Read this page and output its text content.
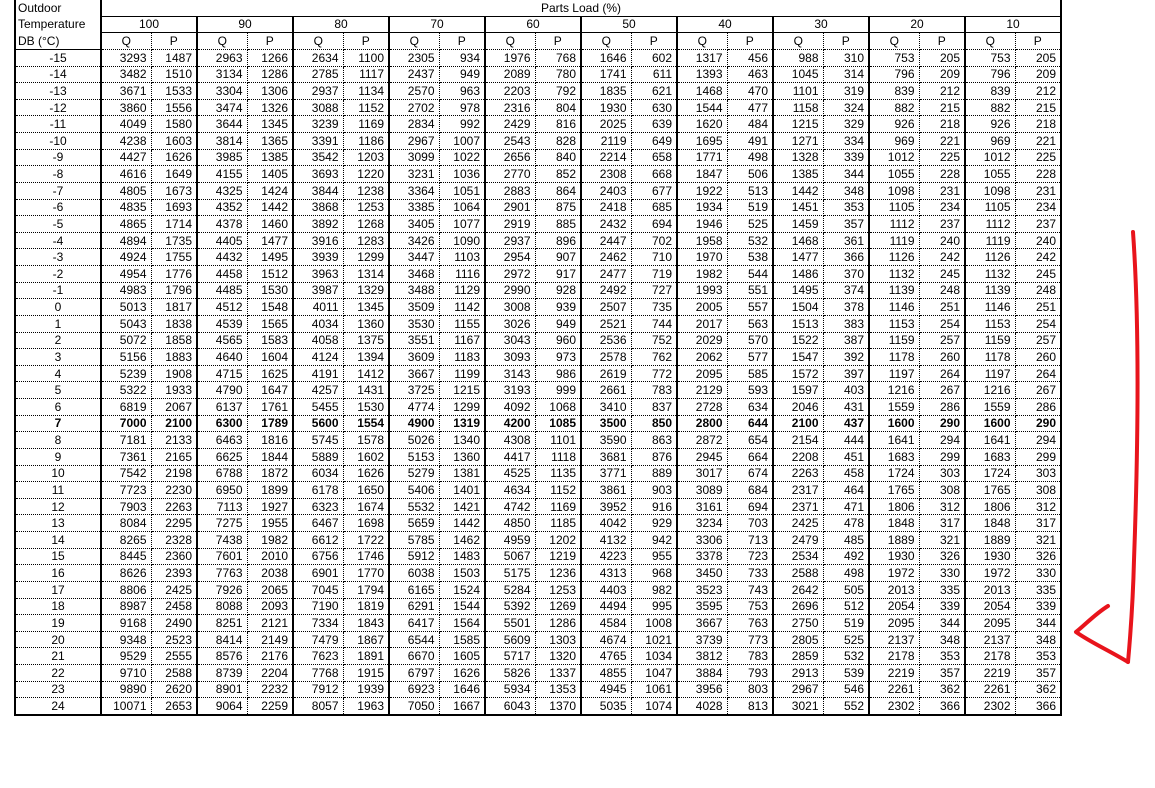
Outdoor	Parts Load (%)																			
Temperature	100		90		80		70		60		50		40		30		20		10	
DB (°C)	Q	P	Q	P	Q	P	Q	P	Q	P	Q	P	Q	P	Q	P	Q	P	Q	P
-15	3293	1487	2963	1266	2634	1100	2305	934	1976	768	1646	602	1317	456	988	310	753	205	753	205
-14	3482	1510	3134	1286	2785	1117	2437	949	2089	780	1741	611	1393	463	1045	314	796	209	796	209
-13	3671	1533	3304	1306	2937	1134	2570	963	2203	792	1835	621	1468	470	1101	319	839	212	839	212
-12	3860	1556	3474	1326	3088	1152	2702	978	2316	804	1930	630	1544	477	1158	324	882	215	882	215
-11	4049	1580	3644	1345	3239	1169	2834	992	2429	816	2025	639	1620	484	1215	329	926	218	926	218
-10	4238	1603	3814	1365	3391	1186	2967	1007	2543	828	2119	649	1695	491	1271	334	969	221	969	221
-9	4427	1626	3985	1385	3542	1203	3099	1022	2656	840	2214	658	1771	498	1328	339	1012	225	1012	225
-8	4616	1649	4155	1405	3693	1220	3231	1036	2770	852	2308	668	1847	506	1385	344	1055	228	1055	228
-7	4805	1673	4325	1424	3844	1238	3364	1051	2883	864	2403	677	1922	513	1442	348	1098	231	1098	231
-6	4835	1693	4352	1442	3868	1253	3385	1064	2901	875	2418	685	1934	519	1451	353	1105	234	1105	234
-5	4865	1714	4378	1460	3892	1268	3405	1077	2919	885	2432	694	1946	525	1459	357	1112	237	1112	237
-4	4894	1735	4405	1477	3916	1283	3426	1090	2937	896	2447	702	1958	532	1468	361	1119	240	1119	240
-3	4924	1755	4432	1495	3939	1299	3447	1103	2954	907	2462	710	1970	538	1477	366	1126	242	1126	242
-2	4954	1776	4458	1512	3963	1314	3468	1116	2972	917	2477	719	1982	544	1486	370	1132	245	1132	245
-1	4983	1796	4485	1530	3987	1329	3488	1129	2990	928	2492	727	1993	551	1495	374	1139	248	1139	248
0	5013	1817	4512	1548	4011	1345	3509	1142	3008	939	2507	735	2005	557	1504	378	1146	251	1146	251
1	5043	1838	4539	1565	4034	1360	3530	1155	3026	949	2521	744	2017	563	1513	383	1153	254	1153	254
2	5072	1858	4565	1583	4058	1375	3551	1167	3043	960	2536	752	2029	570	1522	387	1159	257	1159	257
3	5156	1883	4640	1604	4124	1394	3609	1183	3093	973	2578	762	2062	577	1547	392	1178	260	1178	260
4	5239	1908	4715	1625	4191	1412	3667	1199	3143	986	2619	772	2095	585	1572	397	1197	264	1197	264
5	5322	1933	4790	1647	4257	1431	3725	1215	3193	999	2661	783	2129	593	1597	403	1216	267	1216	267
6	6819	2067	6137	1761	5455	1530	4774	1299	4092	1068	3410	837	2728	634	2046	431	1559	286	1559	286
7	7000	2100	6300	1789	5600	1554	4900	1319	4200	1085	3500	850	2800	644	2100	437	1600	290	1600	290
8	7181	2133	6463	1816	5745	1578	5026	1340	4308	1101	3590	863	2872	654	2154	444	1641	294	1641	294
9	7361	2165	6625	1844	5889	1602	5153	1360	4417	1118	3681	876	2945	664	2208	451	1683	299	1683	299
10	7542	2198	6788	1872	6034	1626	5279	1381	4525	1135	3771	889	3017	674	2263	458	1724	303	1724	303
11	7723	2230	6950	1899	6178	1650	5406	1401	4634	1152	3861	903	3089	684	2317	464	1765	308	1765	308
12	7903	2263	7113	1927	6323	1674	5532	1421	4742	1169	3952	916	3161	694	2371	471	1806	312	1806	312
13	8084	2295	7275	1955	6467	1698	5659	1442	4850	1185	4042	929	3234	703	2425	478	1848	317	1848	317
14	8265	2328	7438	1982	6612	1722	5785	1462	4959	1202	4132	942	3306	713	2479	485	1889	321	1889	321
15	8445	2360	7601	2010	6756	1746	5912	1483	5067	1219	4223	955	3378	723	2534	492	1930	326	1930	326
16	8626	2393	7763	2038	6901	1770	6038	1503	5175	1236	4313	968	3450	733	2588	498	1972	330	1972	330
17	8806	2425	7926	2065	7045	1794	6165	1524	5284	1253	4403	982	3523	743	2642	505	2013	335	2013	335
18	8987	2458	8088	2093	7190	1819	6291	1544	5392	1269	4494	995	3595	753	2696	512	2054	339	2054	339
19	9168	2490	8251	2121	7334	1843	6417	1564	5501	1286	4584	1008	3667	763	2750	519	2095	344	2095	344
20	9348	2523	8414	2149	7479	1867	6544	1585	5609	1303	4674	1021	3739	773	2805	525	2137	348	2137	348
21	9529	2555	8576	2176	7623	1891	6670	1605	5717	1320	4765	1034	3812	783	2859	532	2178	353	2178	353
22	9710	2588	8739	2204	7768	1915	6797	1626	5826	1337	4855	1047	3884	793	2913	539	2219	357	2219	357
23	9890	2620	8901	2232	7912	1939	6923	1646	5934	1353	4945	1061	3956	803	2967	546	2261	362	2261	362
24	10071	2653	9064	2259	8057	1963	7050	1667	6043	1370	5035	1074	4028	813	3021	552	2302	366	2302	366
